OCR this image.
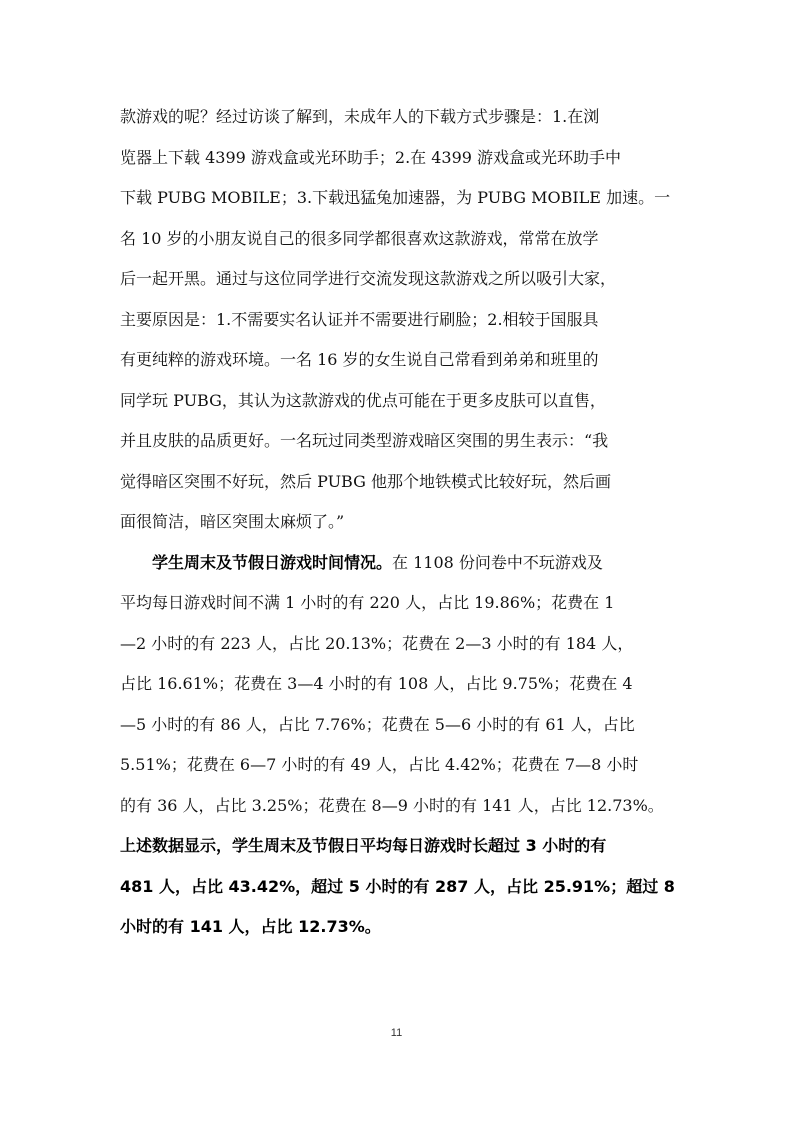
款游戏的呢？经过访谈了解到，未成年人的下载方式步骤是：1.在浏
览器上下载 4399 游戏盒或光环助手；2.在 4399 游戏盒或光环助手中
下载 PUBG MOBILE；3.下载迅猛兔加速器，为 PUBG MOBILE 加速。一
名 10 岁的小朋友说自己的很多同学都很喜欢这款游戏，常常在放学
后一起开黑。通过与这位同学进行交流发现这款游戏之所以吸引大家，
主要原因是：1.不需要实名认证并不需要进行刷脸；2.相较于国服具
有更纯粹的游戏环境。一名 16 岁的女生说自己常看到弟弟和班里的
同学玩 PUBG，其认为这款游戏的优点可能在于更多皮肤可以直售，
并且皮肤的品质更好。一名玩过同类型游戏暗区突围的男生表示：“我
觉得暗区突围不好玩，然后 PUBG 他那个地铁模式比较好玩，然后画
面很简洁，暗区突围太麻烦了。”
　　学生周末及节假日游戏时间情况。在 1108 份问卷中不玩游戏及
平均每日游戏时间不满 1 小时的有 220 人，占比 19.86%；花费在 1
—2 小时的有 223 人，占比 20.13%；花费在 2—3 小时的有 184 人，
占比 16.61%；花费在 3—4 小时的有 108 人，占比 9.75%；花费在 4
—5 小时的有 86 人，占比 7.76%；花费在 5—6 小时的有 61 人，占比
5.51%；花费在 6—7 小时的有 49 人，占比 4.42%；花费在 7—8 小时
的有 36 人，占比 3.25%；花费在 8—9 小时的有 141 人，占比 12.73%。
上述数据显示，学生周末及节假日平均每日游戏时长超过 3 小时的有
481 人，占比 43.42%，超过 5 小时的有 287 人，占比 25.91%；超过 8
小时的有 141 人，占比 12.73%。
11
